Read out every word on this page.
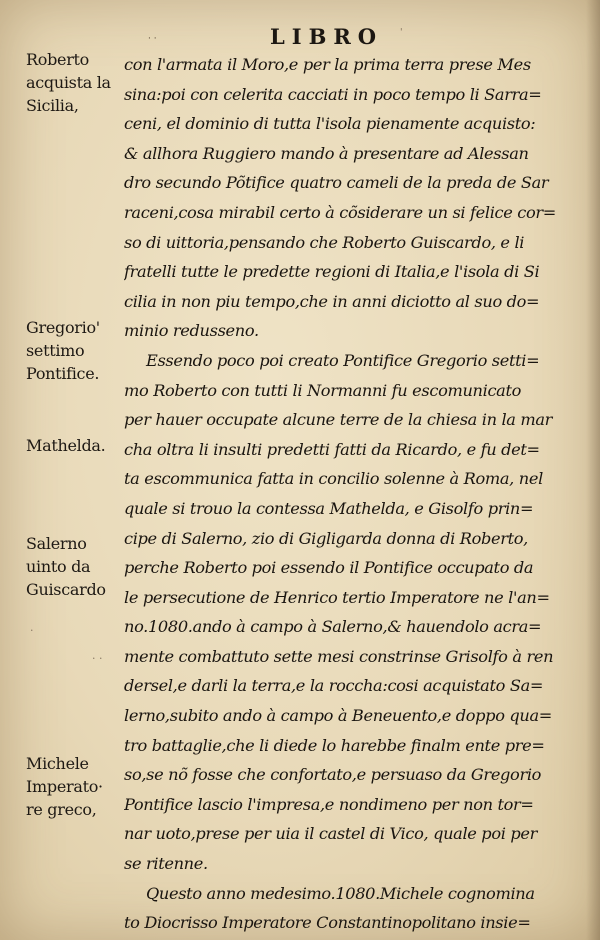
· ·	LIBRO '
Roberto
acquista la
Sicilia,
Gregorio'
settimo
Pontifice.
Mathelda.
Salerno
uinto da
Guiscardo
Michele
Imperato·
re greco,
·
· ·
con l'armata il Moro,e per la prima terra prese Mes
sina:poi con celerita cacciati in poco tempo li Sarra=
ceni, el dominio di tutta l'isola pienamente acquisto:
& allhora Ruggiero mando à presentare ad Alessan
dro secundo Põtifice quatro cameli de la preda de Sar
raceni,cosa mirabil certo à cõsiderare un si felice cor=
so di uittoria,pensando che Roberto Guiscardo, e li
fratelli tutte le predette regioni di Italia,e l'isola di Si
cilia in non piu tempo,che in anni diciotto al suo do=
minio redusseno.
Essendo poco poi creato Pontifice Gregorio setti=
mo Roberto con tutti li Normanni fu escomunicato
per hauer occupate alcune terre de la chiesa in la mar
cha oltra li insulti predetti fatti da Ricardo, e fu det=
ta escommunica fatta in concilio solenne à Roma, nel
quale si trouo la contessa Mathelda, e Gisolfo prin=
cipe di Salerno, zio di Gigligarda donna di Roberto,
perche Roberto poi essendo il Pontifice occupato da
le persecutione de Henrico tertio Imperatore ne l'an=
no.1080.ando à campo à Salerno,& hauendolo acra=
mente combattuto sette mesi constrinse Grisolfo à ren
dersel,e darli la terra,e la roccha:cosi acquistato Sa=
lerno,subito ando à campo à Beneuento,e doppo qua=
tro battaglie,che li diede lo harebbe finalm ente pre=
so,se nõ fosse che confortato,e persuaso da Gregorio
Pontifice lascio l'impresa,e nondimeno per non tor=
nar uoto,prese per uia il castel di Vico, quale poi per
se ritenne.
Questo anno medesimo.1080.Michele cognomina
to Diocrisso Imperatore Constantinopolitano insie=
